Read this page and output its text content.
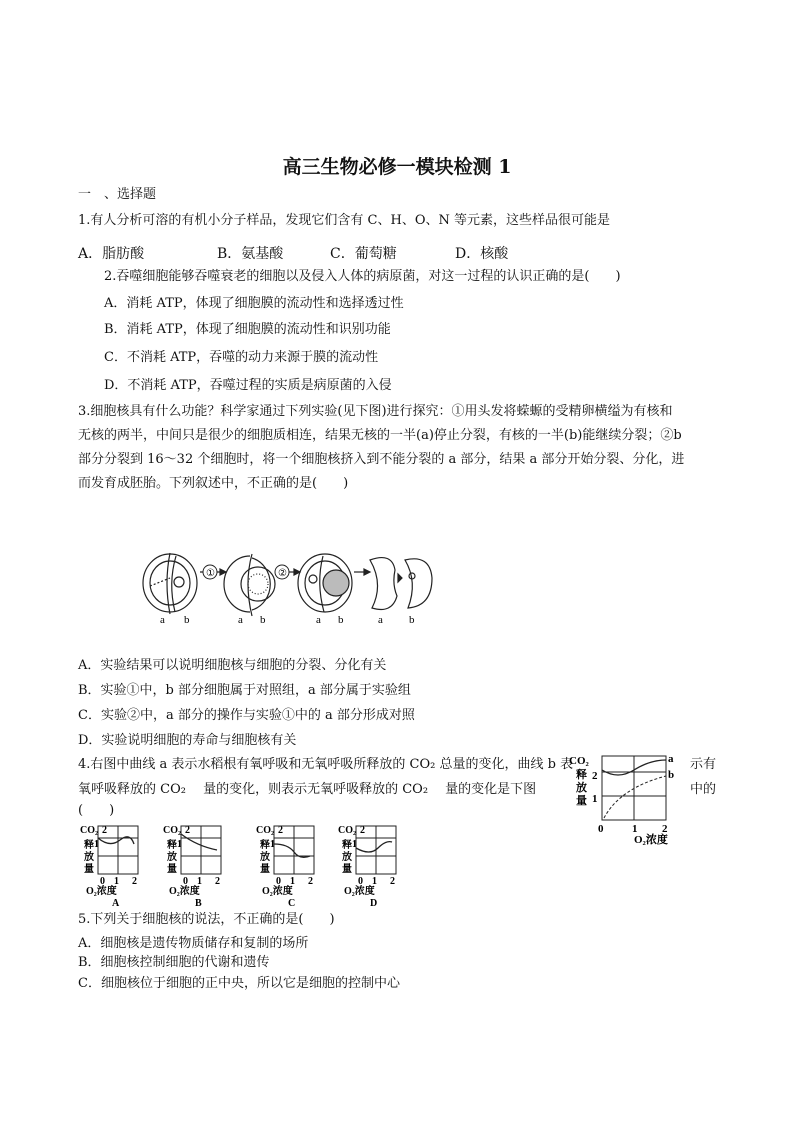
高三生物必修一模块检测 1
一　、选择题
1.有人分析可溶的有机小分子样品，发现它们含有 C、H、O、N 等元素，这些样品很可能是
A．脂肪酸	B．氨基酸	C．葡萄糖	D．核酸
2.吞噬细胞能够吞噬衰老的细胞以及侵入人体的病原菌，对这一过程的认识正确的是(　　)
A．消耗 ATP，体现了细胞膜的流动性和选择透过性
B．消耗 ATP，体现了细胞膜的流动性和识别功能
C．不消耗 ATP，吞噬的动力来源于膜的流动性
D．不消耗 ATP，吞噬过程的实质是病原菌的入侵
3.细胞核具有什么功能？科学家通过下列实验(见下图)进行探究：①用头发将蝾螈的受精卵横缢为有核和
无核的两半，中间只是很少的细胞质相连，结果无核的一半(a)停止分裂，有核的一半(b)能继续分裂；②b
部分分裂到 16～32 个细胞时，将一个细胞核挤入到不能分裂的 a 部分，结果 a 部分开始分裂、分化，进
而发育成胚胎。下列叙述中，不正确的是(　　)
①	②
a b	a b	a b	a b
A．实验结果可以说明细胞核与细胞的分裂、分化有关
B．实验①中，b 部分细胞属于对照组，a 部分属于实验组
C．实验②中，a 部分的操作与实验①中的 a 部分形成对照
D．实验说明细胞的寿命与细胞核有关
4.右图中曲线 a 表示水稻根有氧呼吸和无氧呼吸所释放的 CO₂ 总量的变化，曲线 b 表	示有
氧呼吸释放的 CO₂　 量的变化，则表示无氧呼吸释放的 CO₂　 量的变化是下图	中的
(　　)
CO₂
释
放
量
2
1
0	1 2
O₂浓度
a
b
CO₂
释
放
量
2
1
0 1 2
O₂浓度
A
CO₂
释
放
量
2
1
0 1 2
O₂浓度
B
CO₂
释
放
量
2
1
0 1 2
O₂浓度
C
CO₂
释
放
量
2
1
0 1 2
O₂浓度
D
5.下列关于细胞核的说法，不正确的是(　　)
A．细胞核是遗传物质储存和复制的场所
B．细胞核控制细胞的代谢和遗传
C．细胞核位于细胞的正中央，所以它是细胞的控制中心
